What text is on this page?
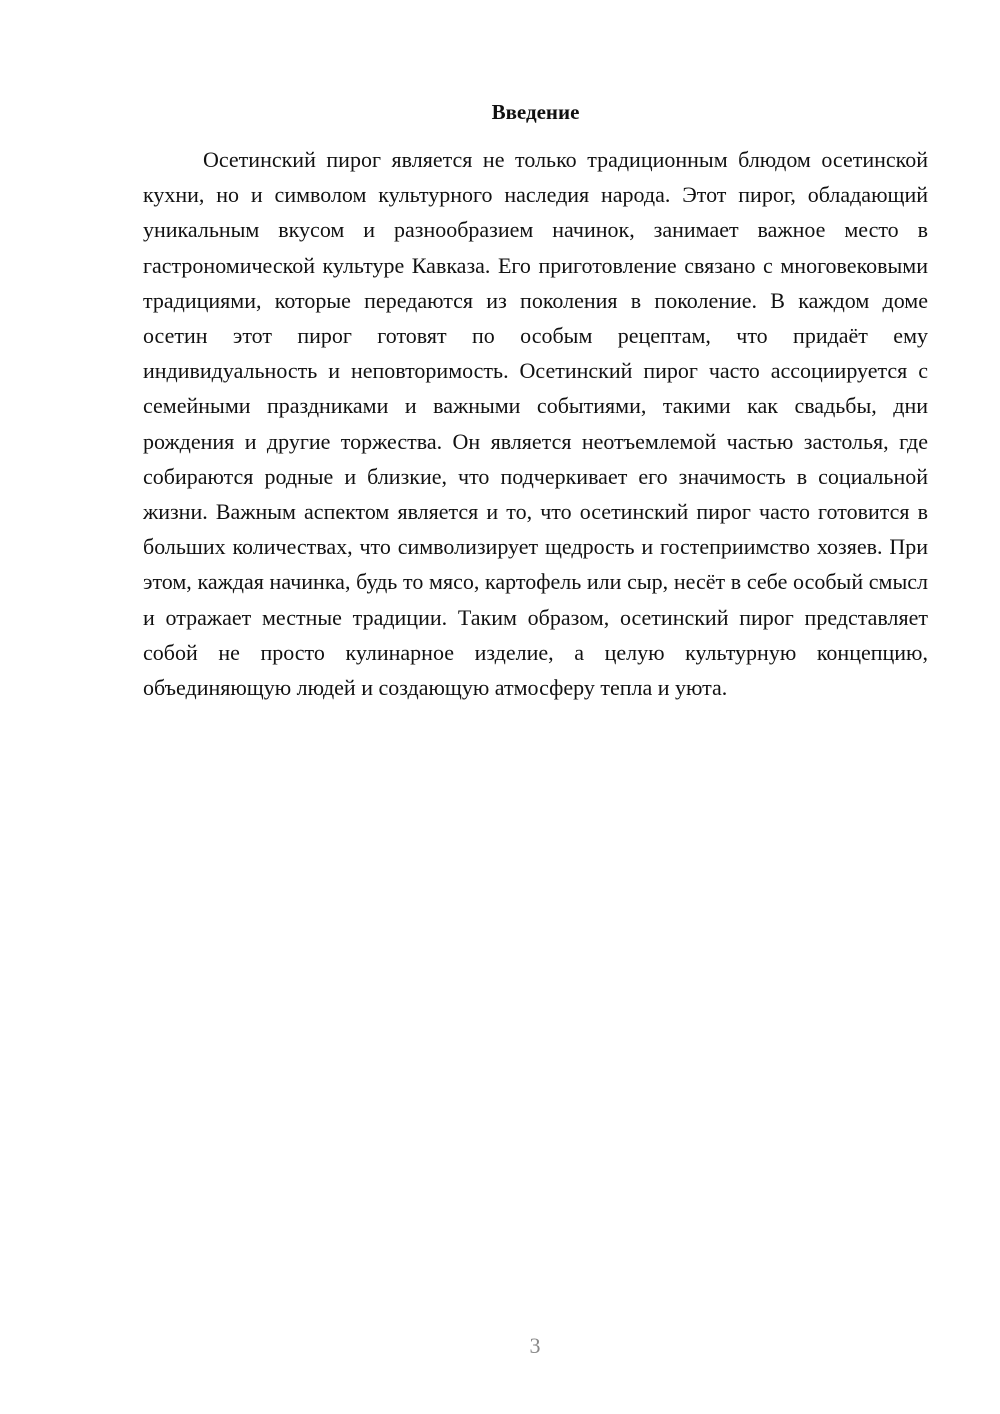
Введение

Осетинский пирог является не только традиционным блюдом осетинской кухни, но и символом культурного наследия народа. Этот пирог, обладающий уникальным вкусом и разнообразием начинок, занимает важное место в гастрономической культуре Кавказа. Его приготовление связано с многовековыми традициями, которые передаются из поколения в поколение. В каждом доме осетин этот пирог готовят по особым рецептам, что придаёт ему индивидуальность и неповторимость. Осетинский пирог часто ассоциируется с семейными праздниками и важными событиями, такими как свадьбы, дни рождения и другие торжества. Он является неотъемлемой частью застолья, где собираются родные и близкие, что подчеркивает его значимость в социальной жизни. Важным аспектом является и то, что осетинский пирог часто готовится в больших количествах, что символизирует щедрость и гостеприимство хозяев. При этом, каждая начинка, будь то мясо, картофель или сыр, несёт в себе особый смысл и отражает местные традиции. Таким образом, осетинский пирог представляет собой не просто кулинарное изделие, а целую культурную концепцию, объединяющую людей и создающую атмосферу тепла и уюта.

3
